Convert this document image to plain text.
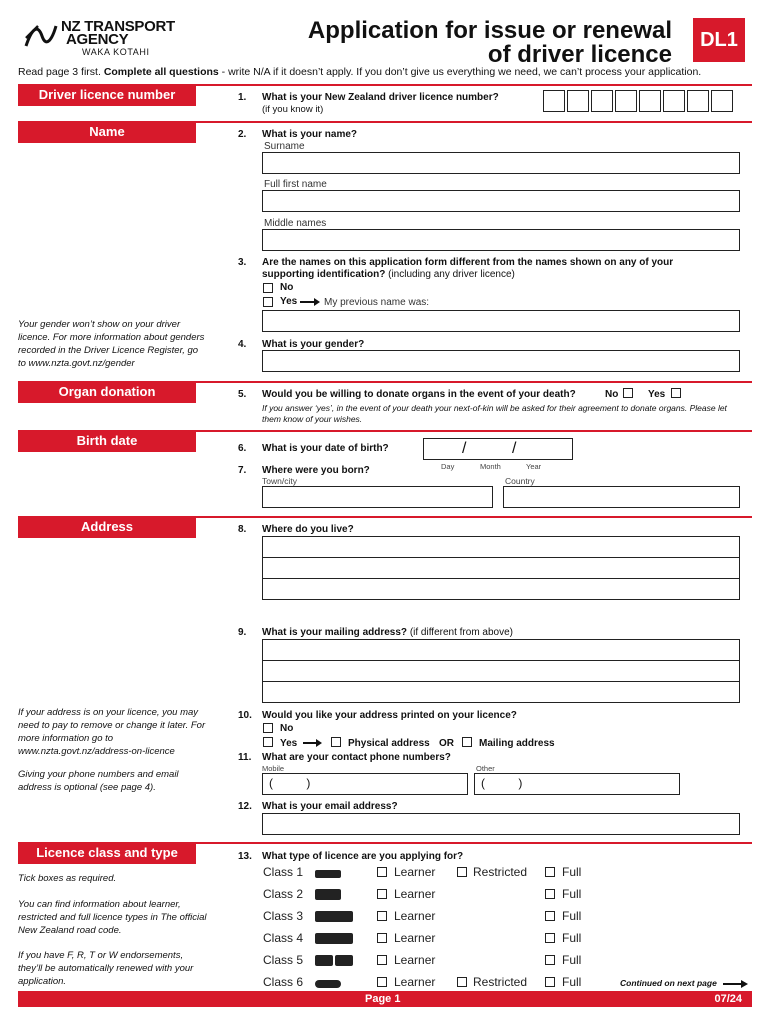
NZ TRANSPORT
AGENCY
WAKA KOTAHI
Application for issue or renewal
of driver licence
DL1
Read page 3 first. Complete all questions - write N/A if it doesn’t apply. If you don’t give us everything we need, we can’t process your application.
Driver licence number	1. What is your New Zealand driver licence number?
(if you know it)
Name	2. What is your name?
Surname
Full first name
Middle names
3. Are the names on this application form different from the names shown on any of your
supporting identification? (including any driver licence)
No
Yes	My previous name was:
Your gender won’t show on your driver licence. For more information about genders recorded in the Driver Licence Register, go to www.nzta.govt.nz/gender
4. What is your gender?
Organ donation	5. Would you be willing to donate organs in the event of your death?	No	Yes
If you answer ‘yes’, in the event of your death your next-of-kin will be asked for their agreement to donate organs. Please let them know of your wishes.
Birth date
6. What is your date of birth?	/	/
Day	Month	Year
7. Where were you born?
Town/city	Country
Address	8. Where do you live?
9. What is your mailing address? (if different from above)
If your address is on your licence, you may need to pay to remove or change it later. For more information go to www.nzta.govt.nz/address-on-licence
Giving your phone numbers and email address is optional (see page 4).
10. Would you like your address printed on your licence?
No
Yes	Physical address OR	Mailing address
11. What are your contact phone numbers?
Mobile	Other
(          )	(          )
12. What is your email address?
Licence class and type
Tick boxes as required.
You can find information about learner, restricted and full licence types in The official New Zealand road code.
If you have F, R, T or W endorsements, they’ll be automatically renewed with your application.
13. What type of licence are you applying for?
Class 1	Learner	Restricted	Full
Class 2	Learner	Full
Class 3	Learner	Full
Class 4	Learner	Full
Class 5	Learner	Full
Class 6	Learner	Restricted	Full	Continued on next page
Page 1	07/24
